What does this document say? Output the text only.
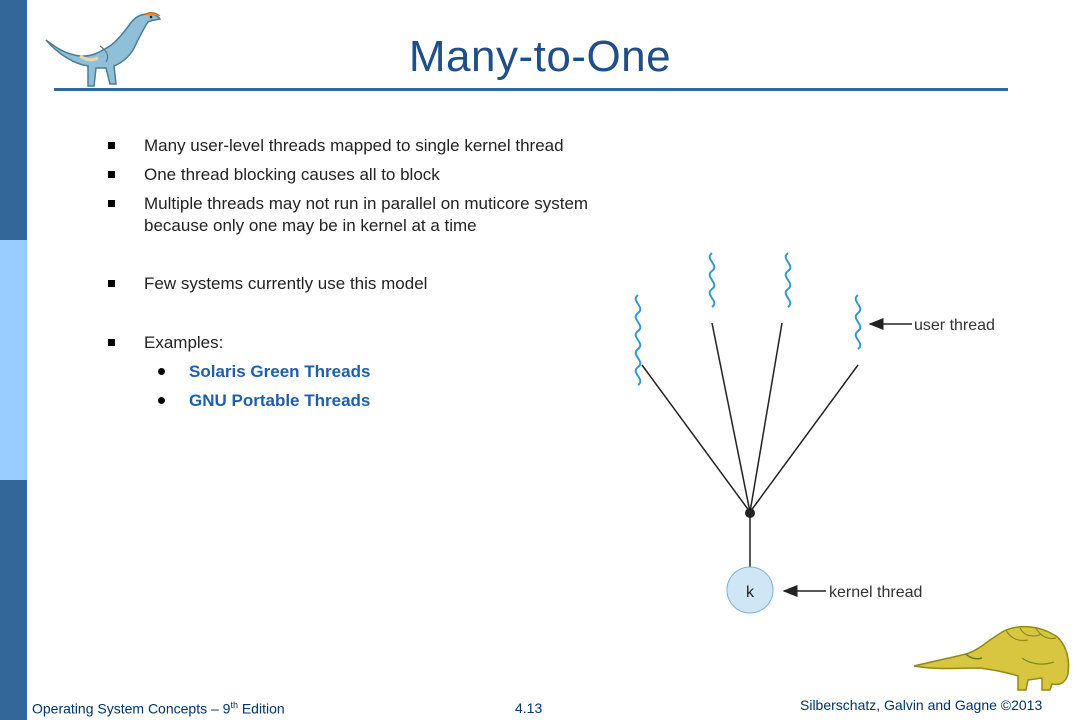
Many-to-One
Many user-level threads mapped to single kernel thread
One thread blocking causes all to block
Multiple threads may not run in parallel on muticore system because only one may be in kernel at a time
Few systems currently use this model
Examples:
Solaris Green Threads
GNU Portable Threads
k
user thread
kernel thread
Operating System Concepts – 9th Edition	4.13	Silberschatz, Galvin and Gagne ©2013
